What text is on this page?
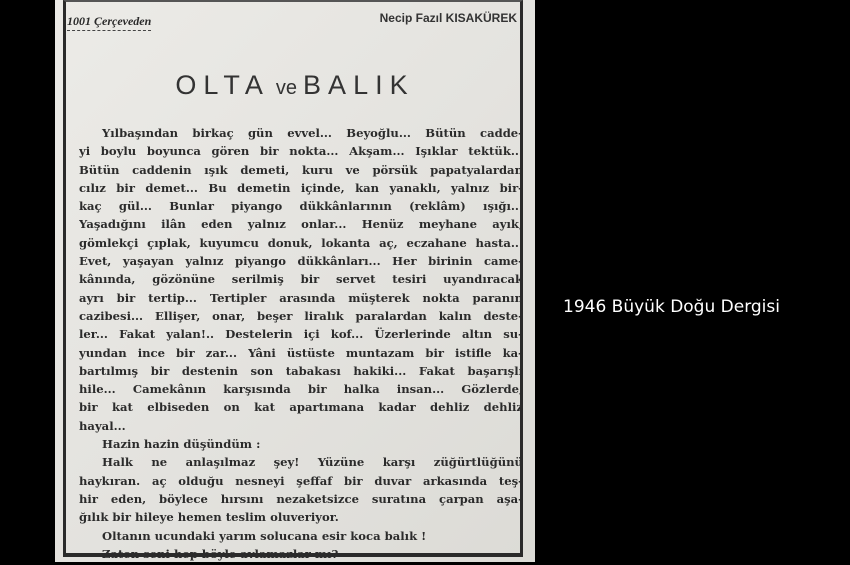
1001 Çerçeveden	Necip Fazıl KISAKÜREK
OLTA ve BALIK
Yılbaşından birkaç gün evvel... Beyoğlu... Bütün cadde-
yi boylu boyunca gören bir nokta... Akşam... Işıklar tektük...
Bütün caddenin ışık demeti, kuru ve pörsük papatyalardan
cılız bir demet... Bu demetin içinde, kan yanaklı, yalnız bir-
kaç gül... Bunlar piyango dükkânlarının (reklâm) ışığı...
Yaşadığını ilân eden yalnız onlar... Henüz meyhane ayık,
gömlekçi çıplak, kuyumcu donuk, lokanta aç, eczahane hasta...
Evet, yaşayan yalnız piyango dükkânları... Her birinin came-
kânında, gözönüne serilmiş bir servet tesiri uyandıracak
ayrı bir tertip... Tertipler arasında müşterek nokta paranın
cazibesi... Ellişer, onar, beşer liralık paralardan kalın deste-
ler... Fakat yalan!.. Destelerin içi kof... Üzerlerinde altın su-
yundan ince bir zar... Yâni üstüste muntazam bir istifle ka-
bartılmış bir destenin son tabakası hakiki... Fakat başarışlı
hile... Camekânın karşısında bir halka insan... Gözlerde,
bir kat elbiseden on kat apartımana kadar dehliz dehliz
hayal...
Hazin hazin düşündüm :
Halk ne anlaşılmaz şey! Yüzüne karşı züğürtlüğünü
haykıran. aç olduğu nesneyi şeffaf bir duvar arkasında teş-
hir eden, böylece hırsını nezaketsizce suratına çarpan aşa-
ğılık bir hileye hemen teslim oluveriyor.
Oltanın ucundaki yarım solucana esir koca balık !
Zaten seni hep böyle avlamazlar mı?
1946 Büyük Doğu Dergisi
